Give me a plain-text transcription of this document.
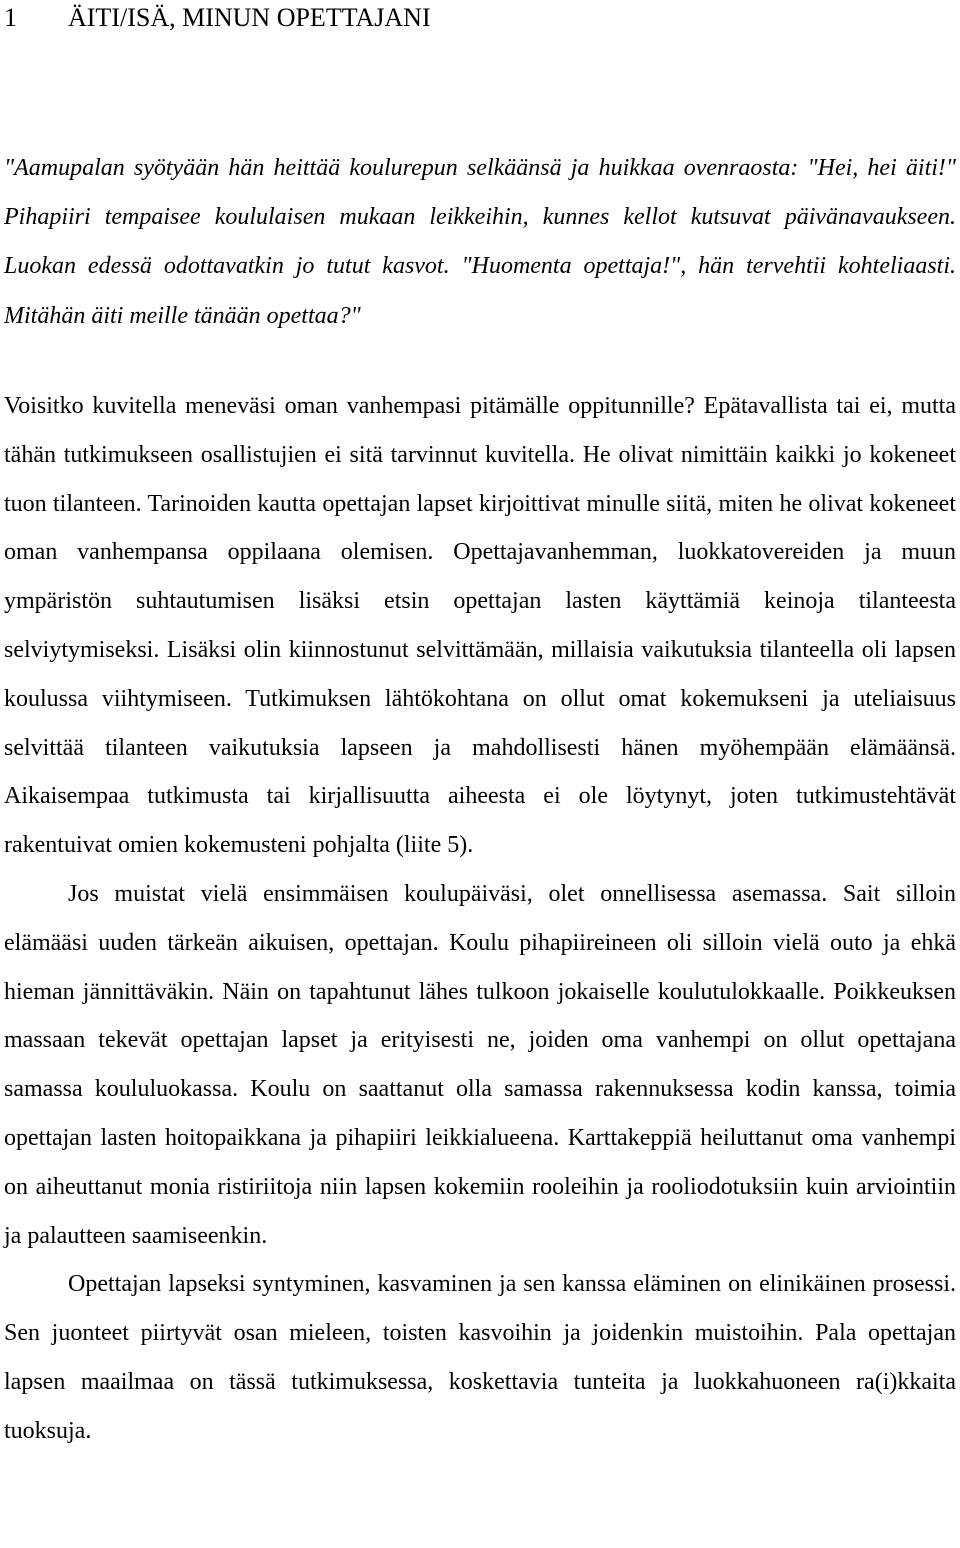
1 ÄITI/ISÄ, MINUN OPETTAJANI

"Aamupalan syötyään hän heittää koulurepun selkäänsä ja huikkaa ovenraosta: "Hei, hei äiti!" Pihapiiri tempaisee koululaisen mukaan leikkeihin, kunnes kellot kutsuvat päivänavaukseen. Luokan edessä odottavatkin jo tutut kasvot. "Huomenta opettaja!", hän tervehtii kohteliaasti. Mitähän äiti meille tänään opettaa?"

Voisitko kuvitella meneväsi oman vanhempasi pitämälle oppitunnille? Epätavallista tai ei, mutta tähän tutkimukseen osallistujien ei sitä tarvinnut kuvitella. He olivat nimittäin kaikki jo kokeneet tuon tilanteen. Tarinoiden kautta opettajan lapset kirjoittivat minulle siitä, miten he olivat kokeneet oman vanhempansa oppilaana olemisen. Opettajavanhemman, luokkatovereiden ja muun ympäristön suhtautumisen lisäksi etsin opettajan lasten käyttämiä keinoja tilanteesta selviytymiseksi. Lisäksi olin kiinnostunut selvittämään, millaisia vaikutuksia tilanteella oli lapsen koulussa viihtymiseen. Tutkimuksen lähtökohtana on ollut omat kokemukseni ja uteliaisuus selvittää tilanteen vaikutuksia lapseen ja mahdollisesti hänen myöhempään elämäänsä. Aikaisempaa tutkimusta tai kirjallisuutta aiheesta ei ole löytynyt, joten tutkimustehtävät rakentuivat omien kokemusteni pohjalta (liite 5).

Jos muistat vielä ensimmäisen koulupäiväsi, olet onnellisessa asemassa. Sait silloin elämääsi uuden tärkeän aikuisen, opettajan. Koulu pihapiireineen oli silloin vielä outo ja ehkä hieman jännittäväkin. Näin on tapahtunut lähes tulkoon jokaiselle koulutulokkaalle. Poikkeuksen massaan tekevät opettajan lapset ja erityisesti ne, joiden oma vanhempi on ollut opettajana samassa koululuokassa. Koulu on saattanut olla samassa rakennuksessa kodin kanssa, toimia opettajan lasten hoitopaikkana ja pihapiiri leikkialueena. Karttakeppiä heiluttanut oma vanhempi on aiheuttanut monia ristiriitoja niin lapsen kokemiin rooleihin ja rooliodotuksiin kuin arviointiin ja palautteen saamiseenkin.

Opettajan lapseksi syntyminen, kasvaminen ja sen kanssa eläminen on elinikäinen prosessi. Sen juonteet piirtyvät osan mieleen, toisten kasvoihin ja joidenkin muistoihin. Pala opettajan lapsen maailmaa on tässä tutkimuksessa, koskettavia tunteita ja luokkahuoneen ra(i)kkaita tuoksuja.
